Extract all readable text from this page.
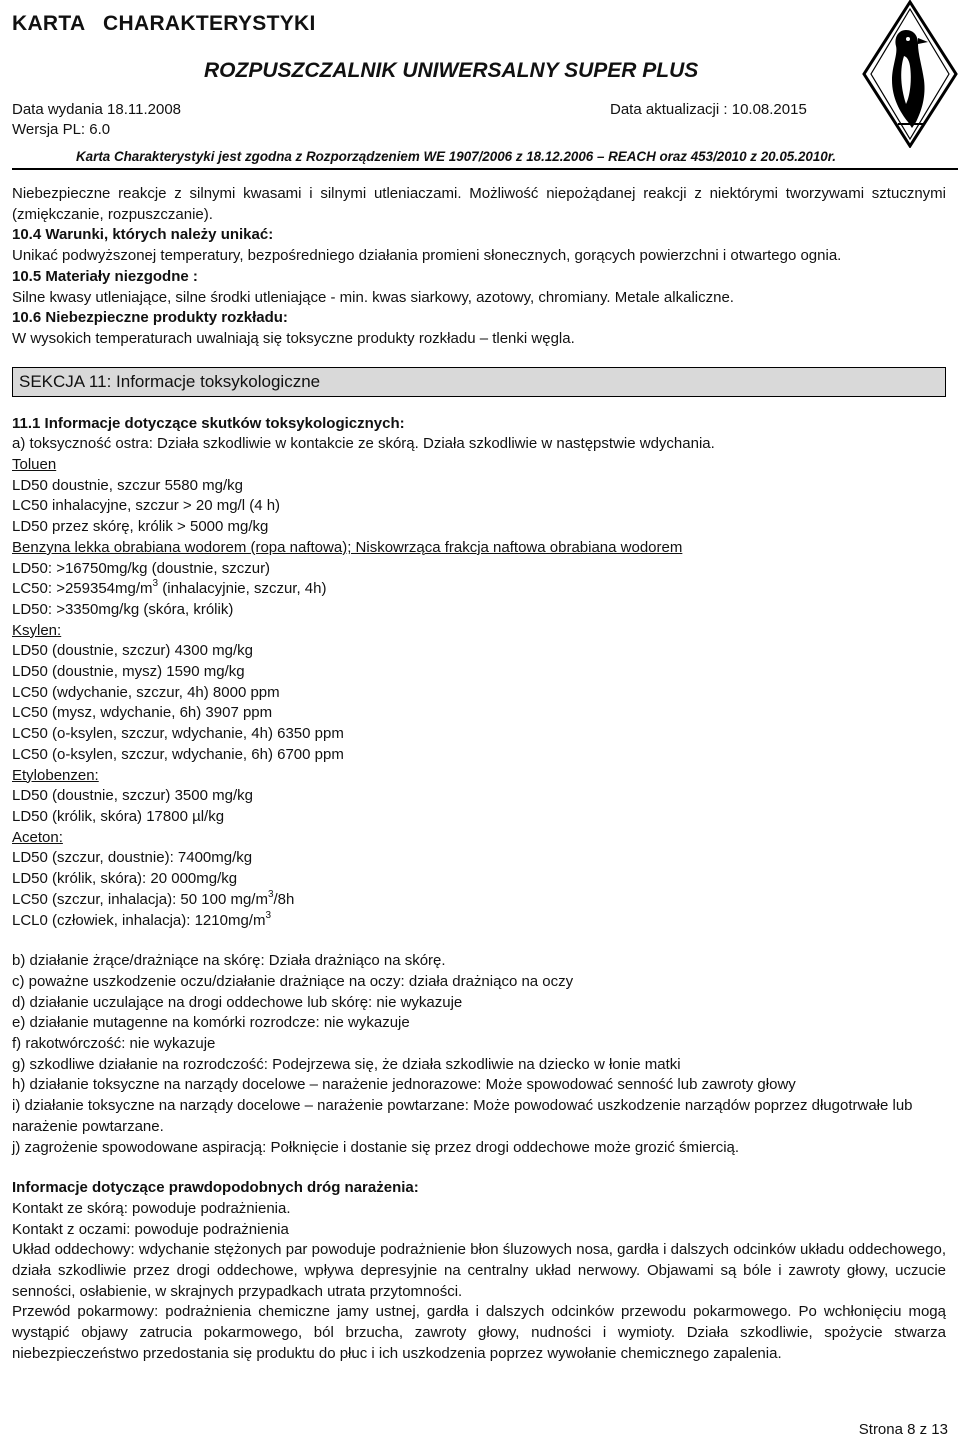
KARTA   CHARAKTERYSTYKI
ROZPUSZCZALNIK UNIWERSALNY SUPER PLUS
Data wydania 18.11.2008	Data aktualizacji : 10.08.2015
Wersja PL: 6.0
Karta Charakterystyki jest zgodna z Rozporządzeniem WE 1907/2006 z 18.12.2006 – REACH oraz 453/2010 z 20.05.2010r.

Niebezpieczne reakcje z silnymi kwasami i silnymi utleniaczami. Możliwość niepożądanej reakcji z niektórymi tworzywami sztucznymi (zmiękczanie, rozpuszczanie).

10.4 Warunki, których należy unikać:

Unikać podwyższonej temperatury, bezpośredniego działania promieni słonecznych, gorących powierzchni i otwartego ognia.

10.5 Materiały niezgodne :

Silne kwasy utleniające, silne środki utleniające - min. kwas siarkowy, azotowy, chromiany. Metale alkaliczne.

10.6 Niebezpieczne produkty rozkładu:

W wysokich temperaturach uwalniają się toksyczne produkty rozkładu – tlenki węgla.

SEKCJA 11: Informacje toksykologiczne

11.1 Informacje dotyczące skutków toksykologicznych:

a) toksyczność ostra: Działa szkodliwie w kontakcie ze skórą. Działa szkodliwie w następstwie wdychania.

Toluen

LD50 doustnie, szczur 5580 mg/kg

LC50 inhalacyjne, szczur > 20 mg/l (4 h)

LD50 przez skórę, królik > 5000 mg/kg

Benzyna lekka obrabiana wodorem (ropa naftowa); Niskowrząca frakcja naftowa obrabiana wodorem

LD50: >16750mg/kg (doustnie, szczur)

LC50: $>259354mg/m^3$ (inhalacyjnie, szczur, 4h)

LD50: >3350mg/kg (skóra, królik)

Ksylen:

LD50 (doustnie, szczur) 4300 mg/kg

LD50 (doustnie, mysz) 1590 mg/kg

LC50 (wdychanie, szczur, 4h) 8000 ppm

LC50 (mysz, wdychanie, 6h) 3907 ppm

LC50 (o-ksylen, szczur, wdychanie, 4h) 6350 ppm

LC50 (o-ksylen, szczur, wdychanie, 6h) 6700 ppm

Etylobenzen:

LD50 (doustnie, szczur) 3500 mg/kg

LD50 (królik, skóra) 17800 µl/kg

Aceton:

LD50 (szczur, doustnie): 7400mg/kg

LD50 (królik, skóra): 20 000mg/kg

LC50 (szczur, inhalacja): 50 100 $mg/m^3/8h$

LCL0 (człowiek, inhalacja): $1210mg/m^3$

b) działanie żrące/drażniące na skórę: Działa drażniąco na skórę.

c) poważne uszkodzenie oczu/działanie drażniące na oczy: działa drażniąco na oczy

d) działanie uczulające na drogi oddechowe lub skórę: nie wykazuje

e) działanie mutagenne na komórki rozrodcze: nie wykazuje

f) rakotwórczość: nie wykazuje

g) szkodliwe działanie na rozrodczość: Podejrzewa się, że działa szkodliwie na dziecko w łonie matki

h) działanie toksyczne na narządy docelowe – narażenie jednorazowe: Może spowodować senność lub zawroty głowy

i) działanie toksyczne na narządy docelowe – narażenie powtarzane: Może powodować uszkodzenie narządów poprzez długotrwałe lub narażenie powtarzane.

j) zagrożenie spowodowane aspiracją: Połknięcie i dostanie się przez drogi oddechowe może grozić śmiercią.

Informacje dotyczące prawdopodobnych dróg narażenia:

Kontakt ze skórą: powoduje podrażnienia.

Kontakt z oczami: powoduje podrażnienia

Układ oddechowy: wdychanie stężonych par powoduje podrażnienie błon śluzowych nosa, gardła i dalszych odcinków układu oddechowego, działa szkodliwie przez drogi oddechowe, wpływa depresyjnie na centralny układ nerwowy. Objawami są bóle i zawroty głowy, uczucie senności, osłabienie, w skrajnych przypadkach utrata przytomności.

Przewód pokarmowy: podrażnienia chemiczne jamy ustnej, gardła i dalszych odcinków przewodu pokarmowego. Po wchłonięciu mogą wystąpić objawy zatrucia pokarmowego, ból brzucha, zawroty głowy, nudności i wymioty. Działa szkodliwie, spożycie stwarza niebezpieczeństwo przedostania się produktu do płuc i ich uszkodzenia poprzez wywołanie chemicznego zapalenia.

Strona 8 z 13
